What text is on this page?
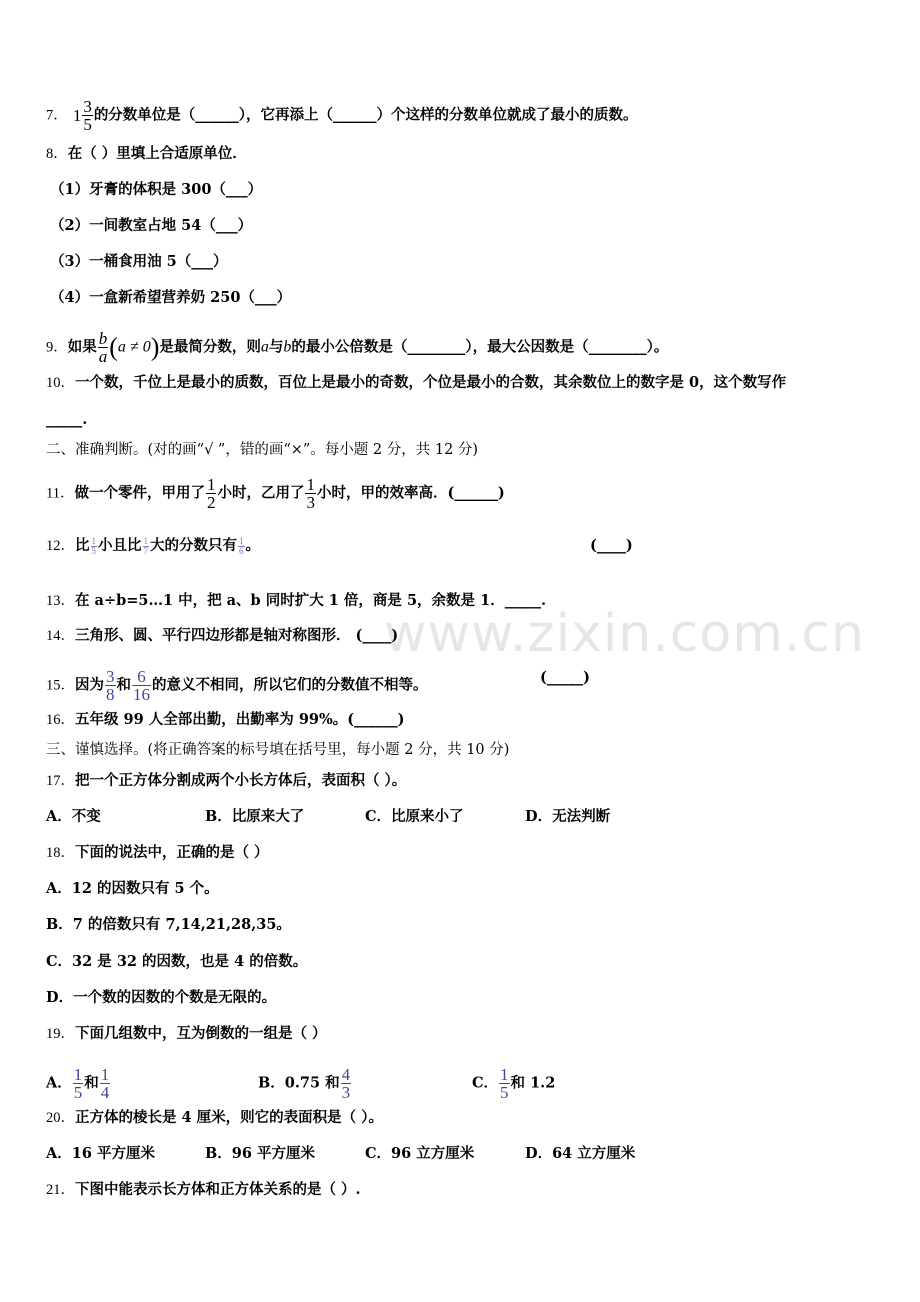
www.zixin.com.cn
7． $1 \frac{3}{5}$ 的分数单位是（______），它再添上（______）个这样的分数单位就成了最小的质数。
8．在（ ）里填上合适原单位．
（1）牙膏的体积是 300（___）
（2）一间教室占地 54（___）
（3）一桶食用油 5（___）
（4）一盒新希望营养奶 250（___）
9．如果 $\frac{b}{a} (a \ne 0)$是最简分数，则a与b的最小公倍数是（________），最大公因数是（________）。
10．一个数，千位上是最小的质数，百位上是最小的奇数，个位是最小的合数，其余数位上的数字是 0，这个数写作
_____.
二、准确判断。(对的画“√ ”，错的画“×”。每小题 2 分，共 12 分)
11．做一个零件，甲用了 $\frac{1}{2}$ 小时，乙用了 $\frac{1}{3}$ 小时，甲的效率高．(______)
12．比 $\frac{1}{5}$ 小且比 $\frac{1}{7}$ 大的分数只有 $\frac{1}{6}$ 。	(____)
13．在 a÷b=5…1 中，把 a、b 同时扩大 1 倍，商是 5，余数是 1．_____.
14．三角形、圆、平行四边形都是轴对称图形． (____)
15．因为 $\frac{3}{8}$ 和 $\frac{6}{16}$ 的意义不相同，所以它们的分数值不相等。	(_____)
16．五年级 99 人全部出勤，出勤率为 99%。(______)
三、谨慎选择。(将正确答案的标号填在括号里，每小题 2 分，共 10 分)
17．把一个正方体分割成两个小长方体后，表面积（ ）。
A．不变	B．比原来大了	C．比原来小了	D．无法判断
18．下面的说法中，正确的是（ ）
A．12 的因数只有 5 个。
B．7 的倍数只有 7,14,21,28,35。
C．32 是 32 的因数，也是 4 的倍数。
D．一个数的因数的个数是无限的。
19．下面几组数中，互为倒数的一组是（ ）
A． $\frac{1}{5}$ 和 $\frac{1}{4}$	B．0.75 和 $\frac{4}{3}$	C． $\frac{1}{5}$ 和 1.2
20．正方体的棱长是 4 厘米，则它的表面积是（ ）。
A．16 平方厘米	B．96 平方厘米	C．96 立方厘米	D．64 立方厘米
21．下图中能表示长方体和正方体关系的是（ ）.
